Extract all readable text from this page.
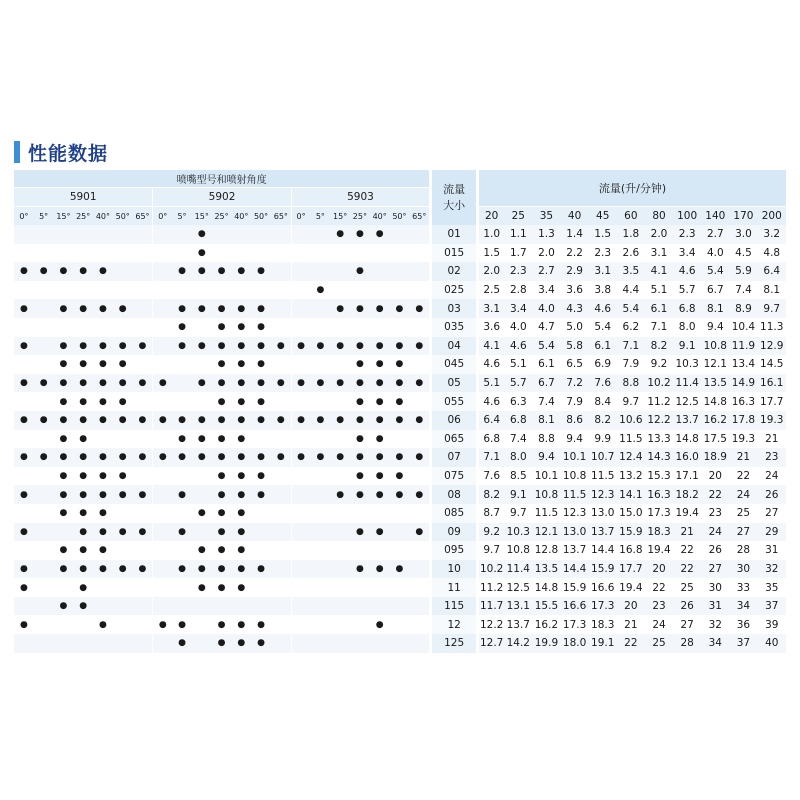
性能数据
喷嘴型号和喷射角度																					流量
大小	流量(升/分钟)										
5901							5902							5903																		
0°	5°	15°	25°	40°	50°	65°	0°	5°	15°	25°	40°	50°	65°	0°	5°	15°	25°	40°	50°	65°		20	25	35	40	45	60	80	100	140	170	200
									●							●	●	●			01	1.0	1.1	1.3	1.4	1.5	1.8	2.0	2.3	2.7	3.0	3.2
									●												015	1.5	1.7	2.0	2.2	2.3	2.6	3.1	3.4	4.0	4.5	4.8
●	●	●	●	●				●	●	●	●	●					●				02	2.0	2.3	2.7	2.9	3.1	3.5	4.1	4.6	5.4	5.9	6.4
															●						025	2.5	2.8	3.4	3.6	3.8	4.4	5.1	5.7	6.7	7.4	8.1
●		●	●	●	●			●	●	●	●	●				●	●	●	●	●	03	3.1	3.4	4.0	4.3	4.6	5.4	6.1	6.8	8.1	8.9	9.7
								●		●	●	●									035	3.6	4.0	4.7	5.0	5.4	6.2	7.1	8.0	9.4	10.4	11.3
●		●	●	●	●	●		●	●	●	●	●	●	●	●	●	●	●	●	●	04	4.1	4.6	5.4	5.8	6.1	7.1	8.2	9.1	10.8	11.9	12.9
		●	●	●	●					●	●	●					●	●	●		045	4.6	5.1	6.1	6.5	6.9	7.9	9.2	10.3	12.1	13.4	14.5
●	●	●	●	●	●	●	●		●	●	●	●	●	●	●	●	●	●	●	●	05	5.1	5.7	6.7	7.2	7.6	8.8	10.2	11.4	13.5	14.9	16.1
		●	●	●	●					●	●	●					●	●	●		055	4.6	6.3	7.4	7.9	8.4	9.7	11.2	12.5	14.8	16.3	17.7
●	●	●	●	●	●	●	●	●	●	●	●	●	●	●	●	●	●	●	●	●	06	6.4	6.8	8.1	8.6	8.2	10.6	12.2	13.7	16.2	17.8	19.3
		●	●					●	●	●	●						●	●			065	6.8	7.4	8.8	9.4	9.9	11.5	13.3	14.8	17.5	19.3	21
●	●	●	●	●	●	●	●	●	●	●	●	●	●	●	●	●	●	●	●	●	07	7.1	8.0	9.4	10.1	10.7	12.4	14.3	16.0	18.9	21	23
		●	●	●	●					●	●	●					●	●	●		075	7.6	8.5	10.1	10.8	11.5	13.2	15.3	17.1	20	22	24
●		●	●	●	●	●		●		●	●	●				●	●	●	●	●	08	8.2	9.1	10.8	11.5	12.3	14.1	16.3	18.2	22	24	26
		●	●	●					●	●	●										085	8.7	9.7	11.5	12.3	13.0	15.0	17.3	19.4	23	25	27
●			●	●	●	●		●		●	●						●	●		●	09	9.2	10.3	12.1	13.0	13.7	15.9	18.3	21	24	27	29
		●	●	●					●	●	●										095	9.7	10.8	12.8	13.7	14.4	16.8	19.4	22	26	28	31
●		●	●	●	●	●		●	●	●	●	●					●	●	●		10	10.2	11.4	13.5	14.4	15.9	17.7	20	22	27	30	32
●			●						●	●	●										11	11.2	12.5	14.8	15.9	16.6	19.4	22	25	30	33	35
		●	●																		115	11.7	13.1	15.5	16.6	17.3	20	23	26	31	34	37
●				●			●	●		●	●	●						●			12	12.2	13.7	16.2	17.3	18.3	21	24	27	32	36	39
								●		●	●	●									125	12.7	14.2	19.9	18.0	19.1	22	25	28	34	37	40
